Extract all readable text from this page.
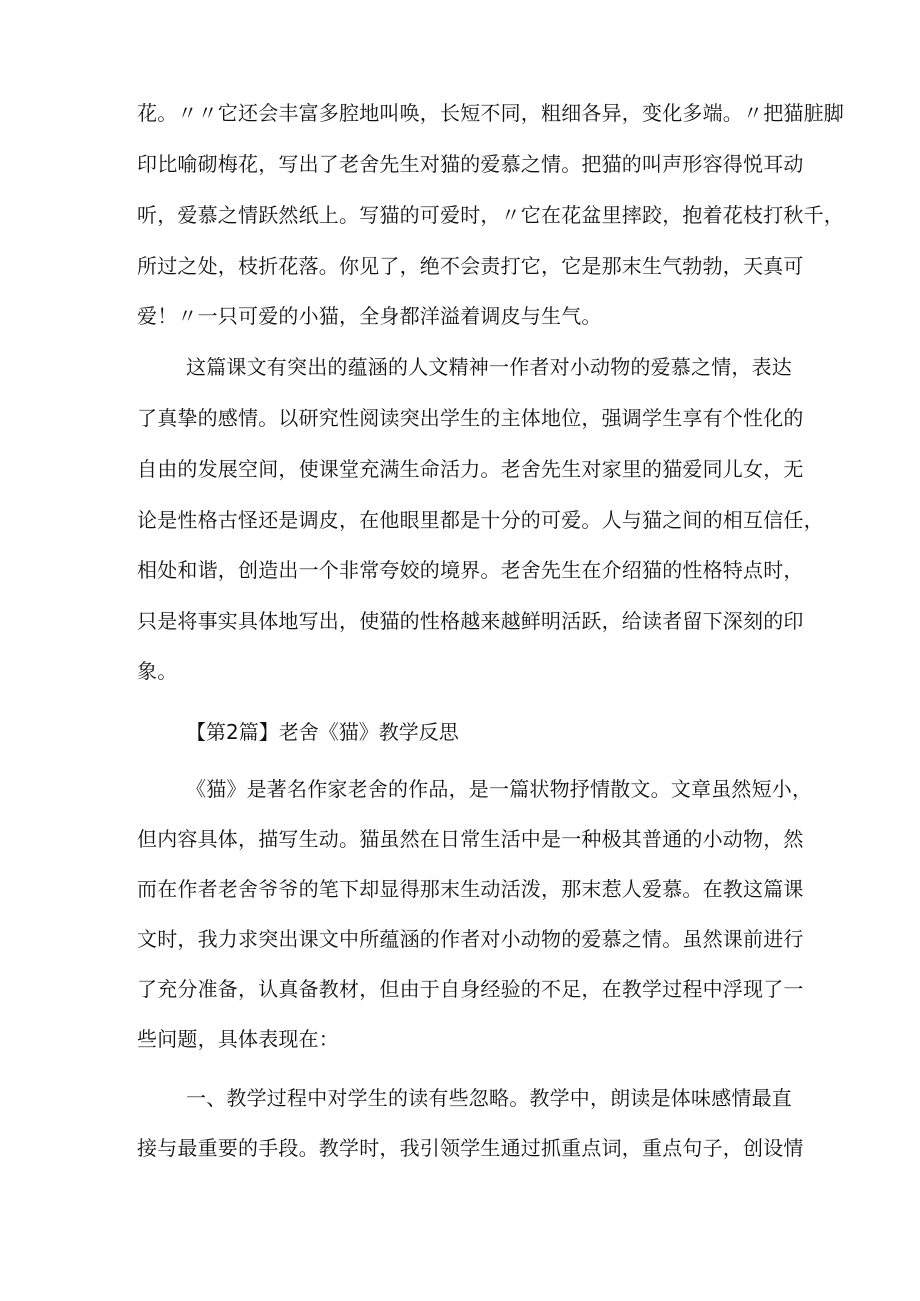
花。〃〃它还会丰富多腔地叫唤，长短不同，粗细各异，变化多端。〃把猫脏脚
印比喻砌梅花，写出了老舍先生对猫的爱慕之情。把猫的叫声形容得悦耳动
听，爱慕之情跃然纸上。写猫的可爱时，〃它在花盆里摔跤，抱着花枝打秋千，
所过之处，枝折花落。你见了，绝不会责打它，它是那末生气勃勃，天真可
爱！〃一只可爱的小猫，全身都洋溢着调皮与生气。
这篇课文有突出的蕴涵的人文精神一作者对小动物的爱慕之情，表达
了真挚的感情。以研究性阅读突出学生的主体地位，强调学生享有个性化的
自由的发展空间，使课堂充满生命活力。老舍先生对家里的猫爱同儿女，无
论是性格古怪还是调皮，在他眼里都是十分的可爱。人与猫之间的相互信任，
相处和谐，创造出一个非常夸姣的境界。老舍先生在介绍猫的性格特点时，
只是将事实具体地写出，使猫的性格越来越鲜明活跃，给读者留下深刻的印
象。
【第2篇】老舍《猫》教学反思
《猫》是著名作家老舍的作品，是一篇状物抒情散文。文章虽然短小，
但内容具体，描写生动。猫虽然在日常生活中是一种极其普通的小动物，然
而在作者老舍爷爷的笔下却显得那末生动活泼，那末惹人爱慕。在教这篇课
文时，我力求突出课文中所蕴涵的作者对小动物的爱慕之情。虽然课前进行
了充分准备，认真备教材，但由于自身经验的不足，在教学过程中浮现了一
些问题，具体表现在：
一、教学过程中对学生的读有些忽略。教学中，朗读是体味感情最直
接与最重要的手段。教学时，我引领学生通过抓重点词，重点句子，创设情
